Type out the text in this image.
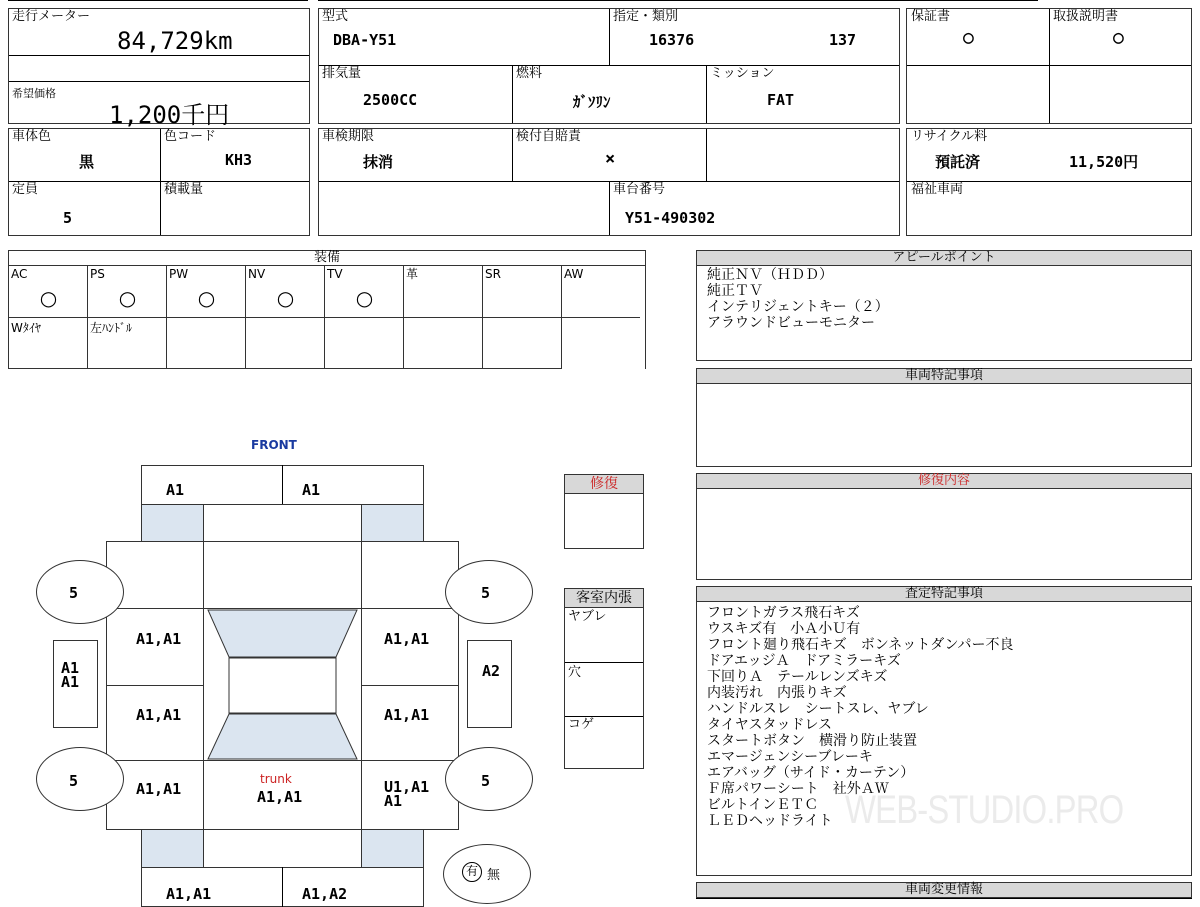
走行メーター
84,729km
希望価格
1,200千円
型式
DBA-Y51
指定・類別
16376	137
排気量
2500CC
燃料
ｶﾞｿﾘﾝ
ミッション
FAT
保証書
○
取扱説明書
○
車体色
黒
色コード
KH3
定員
5
積載量
車検期限
抹消
検付自賠責
×
車台番号
Y51-490302
リサイクル料
預託済	11,520円
福祉車両
装備
AC
○
PS
○
PW
○
NV
○
TV
○
革	SR	AW
Wﾀｲﾔ	左ﾊﾝﾄﾞﾙ
アピールポイント
純正ＮＶ（ＨＤＤ）
純正ＴＶ
インテリジェントキー（２）
アラウンドビューモニター
車両特記事項
修復内容
査定特記事項
フロントガラス飛石キズ
ウスキズ有　小Ａ小Ｕ有
フロント廻り飛石キズ　ボンネットダンパー不良
ドアエッジＡ　ドアミラーキズ
下回りＡ　テールレンズキズ
内装汚れ　内張りキズ
ハンドルスレ　シートスレ、ヤブレ
タイヤスタッドレス
スタートボタン　横滑り防止装置
エマージェンシーブレーキ
エアバッグ（サイド・カーテン）
Ｆ席パワーシート　社外ＡＷ
ビルトインＥＴＣ
ＬＥＤヘッドライト WEB-STUDIO.PRO
車両変更情報
修復
客室内張
ヤブレ
穴
コゲ
FRONT
A1	A1
trunk
A1,A1
A1,A1
A1,A1
A1,A1
A1,A1
A1,A1
U1,A1
A1
A1
A1
A2
5	5
5	5
A1,A1	A1,A2
有 無
